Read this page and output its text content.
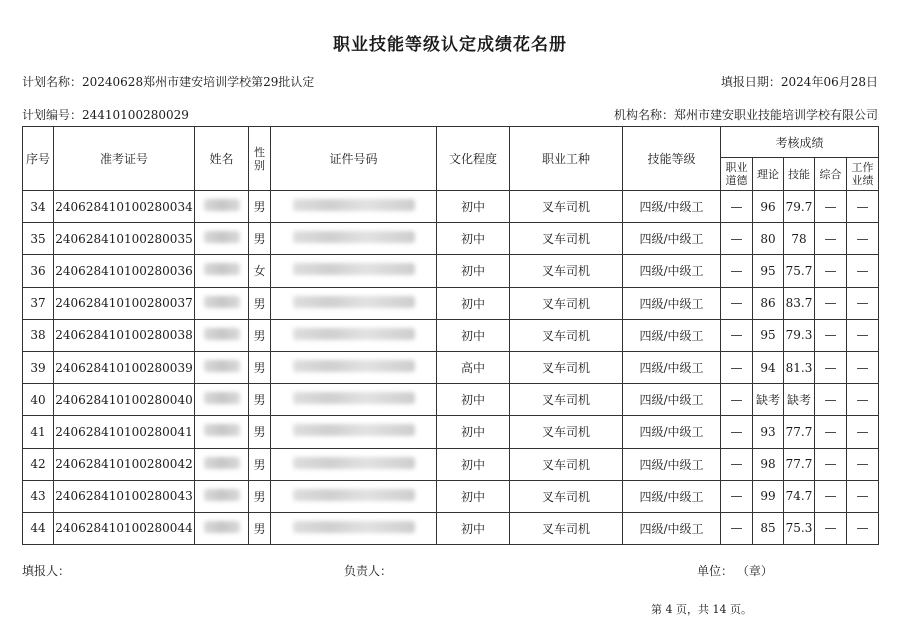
职业技能等级认定成绩花名册
计划名称：20240628郑州市建安培训学校第29批认定	填报日期：2024年06月28日
计划编号：24410100280029	机构名称：郑州市建安职业技能培训学校有限公司
序号	准考证号	姓名	性别	证件号码	文化程度	职业工种	技能等级	考核成绩				
								职业道德	理论	技能	综合	工作业绩
34	240628410100280034		男		初中	叉车司机	四级/中级工	—	96	79.7	—	—
35	240628410100280035		男		初中	叉车司机	四级/中级工	—	80	78	—	—
36	240628410100280036		女		初中	叉车司机	四级/中级工	—	95	75.7	—	—
37	240628410100280037		男		初中	叉车司机	四级/中级工	—	86	83.7	—	—
38	240628410100280038		男		初中	叉车司机	四级/中级工	—	95	79.3	—	—
39	240628410100280039		男		高中	叉车司机	四级/中级工	—	94	81.3	—	—
40	240628410100280040		男		初中	叉车司机	四级/中级工	—	缺考	缺考	—	—
41	240628410100280041		男		初中	叉车司机	四级/中级工	—	93	77.7	—	—
42	240628410100280042		男		初中	叉车司机	四级/中级工	—	98	77.7	—	—
43	240628410100280043		男		初中	叉车司机	四级/中级工	—	99	74.7	—	—
44	240628410100280044		男		初中	叉车司机	四级/中级工	—	85	75.3	—	—
填报人：	负责人：	单位： （章）
第 4 页，共 14 页。
